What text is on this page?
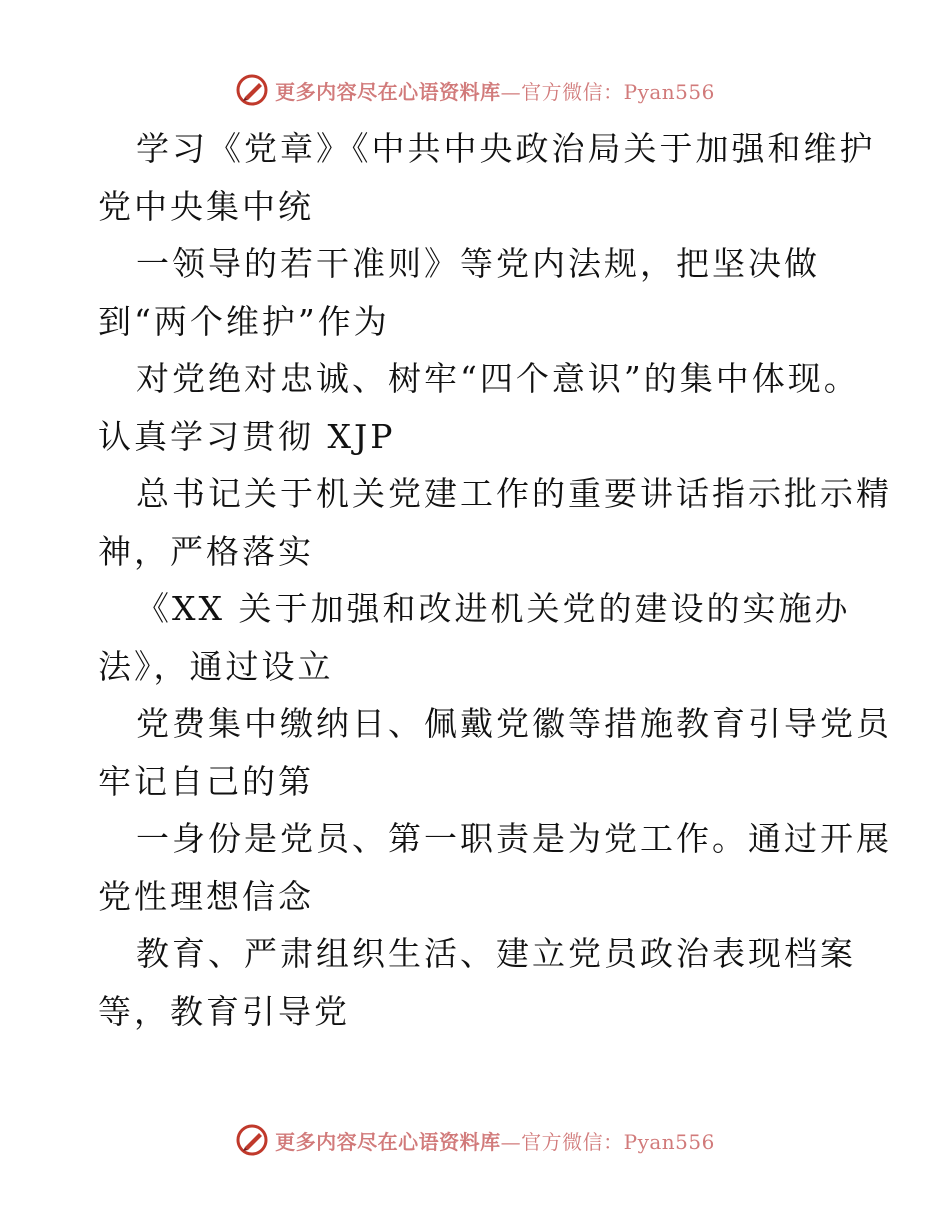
更多内容尽在心语资料库—官方微信：Pyan556
学习《党章》《中共中央政治局关于加强和维护
党中央集中统
一领导的若干准则》等党内法规，把坚决做
到“两个维护”作为
对党绝对忠诚、树牢“四个意识”的集中体现。
认真学习贯彻 XJP
总书记关于机关党建工作的重要讲话指示批示精
神，严格落实
《XX 关于加强和改进机关党的建设的实施办
法》，通过设立
党费集中缴纳日、佩戴党徽等措施教育引导党员
牢记自己的第
一身份是党员、第一职责是为党工作。通过开展
党性理想信念
教育、严肃组织生活、建立党员政治表现档案
等，教育引导党
更多内容尽在心语资料库—官方微信：Pyan556
